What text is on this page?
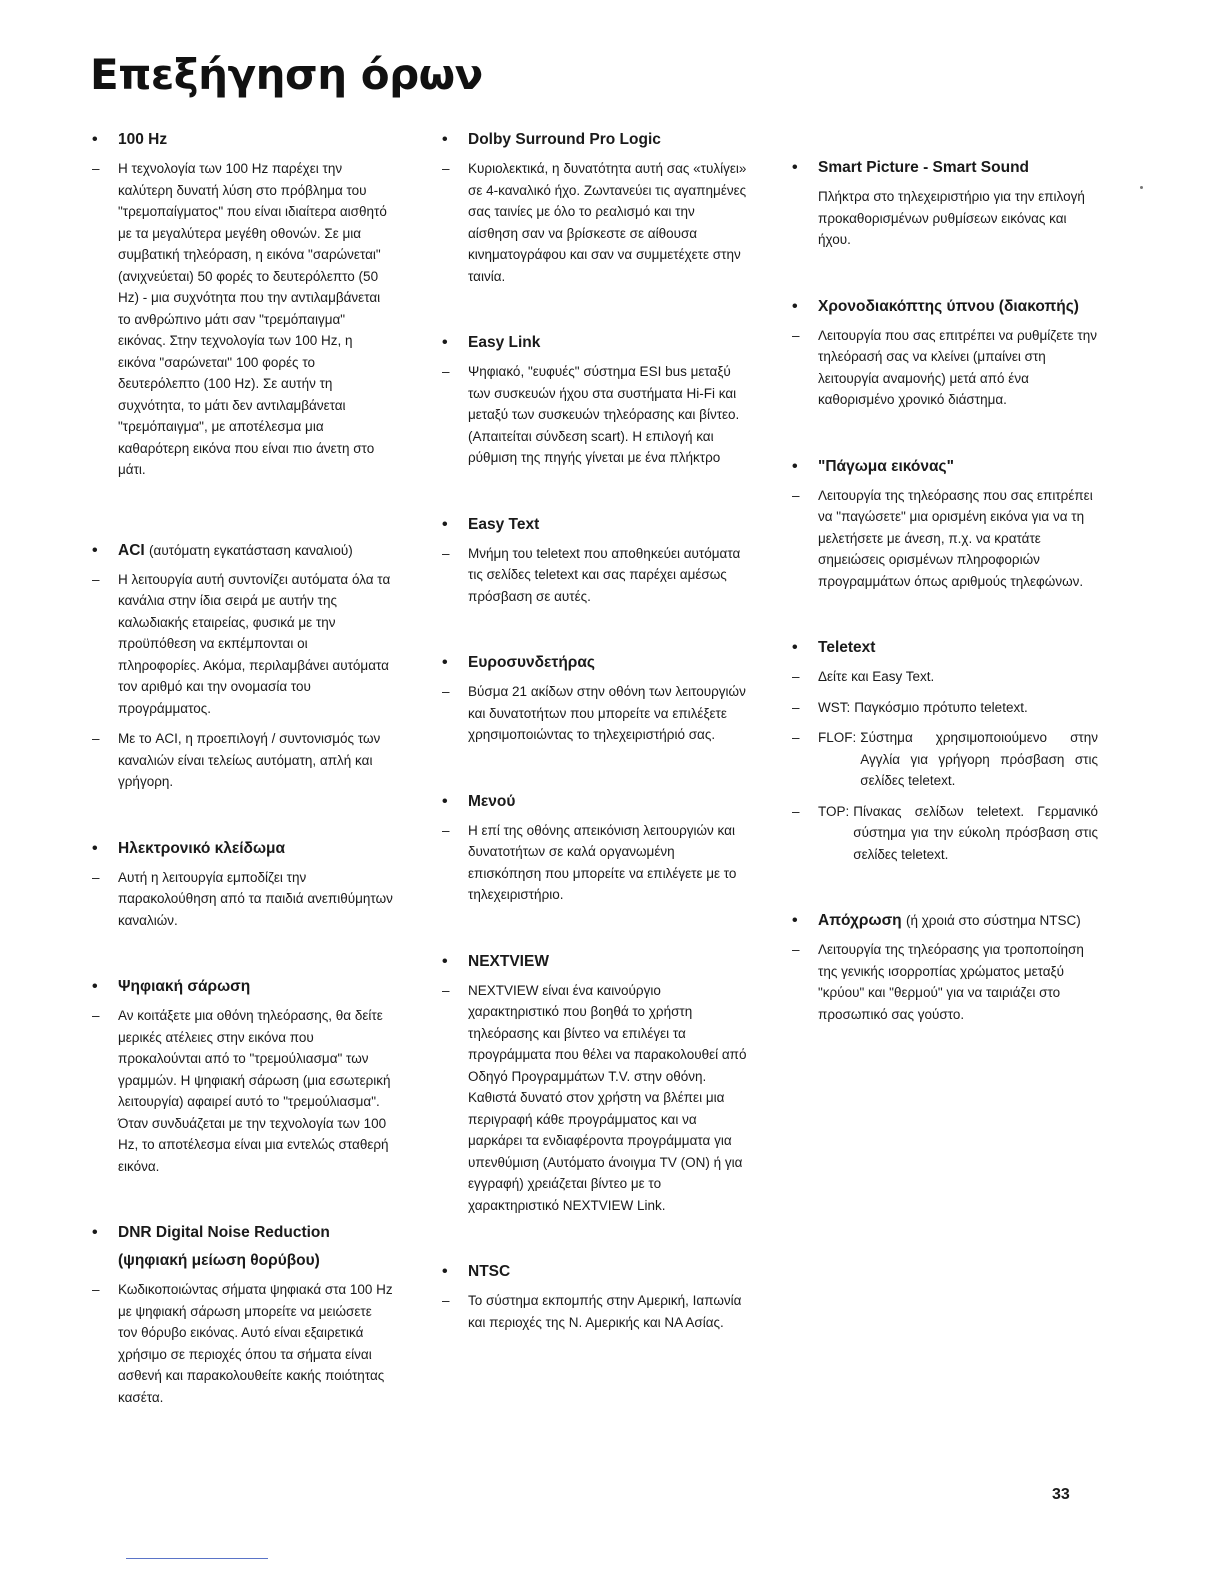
Επεξήγηση όρων
• 100 Hz
– Η τεχνολογία των 100 Hz παρέχει την καλύτερη δυνατή λύση στο πρόβλημα του "τρεμοπαίγματος" που είναι ιδιαίτερα αισθητό με τα μεγαλύτερα μεγέθη οθονών. Σε μια συμβατική τηλεόραση, η εικόνα "σαρώνεται" (ανιχνεύεται) 50 φορές το δευτερόλεπτο (50 Hz) - μια συχνότητα που την αντιλαμβάνεται το ανθρώπινο μάτι σαν "τρεμόπαιγμα" εικόνας. Στην τεχνολογία των 100 Hz, η εικόνα "σαρώνεται" 100 φορές το δευτερόλεπτο (100 Hz). Σε αυτήν τη συχνότητα, το μάτι δεν αντιλαμβάνεται "τρεμόπαιγμα", με αποτέλεσμα μια καθαρότερη εικόνα που είναι πιο άνετη στο μάτι.
• ACI (αυτόματη εγκατάσταση καναλιού)
– Η λειτουργία αυτή συντονίζει αυτόματα όλα τα κανάλια στην ίδια σειρά με αυτήν της καλωδιακής εταιρείας, φυσικά με την προϋπόθεση να εκπέμπονται οι πληροφορίες. Ακόμα, περιλαμβάνει αυτόματα τον αριθμό και την ονομασία του προγράμματος.
– Με το ACI, η προεπιλογή / συντονισμός των καναλιών είναι τελείως αυτόματη, απλή και γρήγορη.
• Ηλεκτρονικό κλείδωμα
– Αυτή η λειτουργία εμποδίζει την παρακολούθηση από τα παιδιά ανεπιθύμητων καναλιών.
• Ψηφιακή σάρωση
– Αν κοιτάξετε μια οθόνη τηλεόρασης, θα δείτε μερικές ατέλειες στην εικόνα που προκαλούνται από το "τρεμούλιασμα" των γραμμών. Η ψηφιακή σάρωση (μια εσωτερική λειτουργία) αφαιρεί αυτό το "τρεμούλιασμα". Όταν συνδυάζεται με την τεχνολογία των 100 Hz, το αποτέλεσμα είναι μια εντελώς σταθερή εικόνα.
• DNR Digital Noise Reduction
(ψηφιακή μείωση θορύβου)
– Κωδικοποιώντας σήματα ψηφιακά στα 100 Hz με ψηφιακή σάρωση μπορείτε να μειώσετε τον θόρυβο εικόνας. Αυτό είναι εξαιρετικά χρήσιμο σε περιοχές όπου τα σήματα είναι ασθενή και παρακολουθείτε κακής ποιότητας κασέτα.
• Dolby Surround Pro Logic
– Κυριολεκτικά, η δυνατότητα αυτή σας «τυλίγει» σε 4-καναλικό ήχο. Ζωντανεύει τις αγαπημένες σας ταινίες με όλο το ρεαλισμό και την αίσθηση σαν να βρίσκεστε σε αίθουσα κινηματογράφου και σαν να συμμετέχετε στην ταινία.
• Easy Link
– Ψηφιακό, "ευφυές" σύστημα ESI bus μεταξύ των συσκευών ήχου στα συστήματα Hi-Fi και μεταξύ των συσκευών τηλεόρασης και βίντεο. (Απαιτείται σύνδεση scart). Η επιλογή και ρύθμιση της πηγής γίνεται με ένα πλήκτρο
• Easy Text
– Μνήμη του teletext που αποθηκεύει αυτόματα τις σελίδες teletext και σας παρέχει αμέσως πρόσβαση σε αυτές.
• Ευροσυνδετήρας
– Βύσμα 21 ακίδων στην οθόνη των λειτουργιών και δυνατοτήτων που μπορείτε να επιλέξετε χρησιμοποιώντας το τηλεχειριστήριό σας.
• Μενού
– Η επί της οθόνης απεικόνιση λειτουργιών και δυνατοτήτων σε καλά οργανωμένη επισκόπηση που μπορείτε να επιλέγετε με το τηλεχειριστήριο.
• NEXTVIEW
– NEXTVIEW είναι ένα καινούργιο χαρακτηριστικό που βοηθά το χρήστη τηλεόρασης και βίντεο να επιλέγει τα προγράμματα που θέλει να παρακολουθεί από Οδηγό Προγραμμάτων T.V. στην οθόνη. Καθιστά δυνατό στον χρήστη να βλέπει μια περιγραφή κάθε προγράμματος και να μαρκάρει τα ενδιαφέροντα προγράμματα για υπενθύμιση (Αυτόματο άνοιγμα TV (ON) ή για εγγραφή) χρειάζεται βίντεο με το χαρακτηριστικό NEXTVIEW Link.
• NTSC
– Το σύστημα εκπομπής στην Αμερική, Ιαπωνία και περιοχές της Ν. Αμερικής και ΝΑ Ασίας.
• Smart Picture - Smart Sound
Πλήκτρα στο τηλεχειριστήριο για την επιλογή προκαθορισμένων ρυθμίσεων εικόνας και ήχου.
• Χρονοδιακόπτης ύπνου (διακοπής)
– Λειτουργία που σας επιτρέπει να ρυθμίζετε την τηλεόρασή σας να κλείνει (μπαίνει στη λειτουργία αναμονής) μετά από ένα καθορισμένο χρονικό διάστημα.
• "Πάγωμα εικόνας"
– Λειτουργία της τηλεόρασης που σας επιτρέπει να "παγώσετε" μια ορισμένη εικόνα για να τη μελετήσετε με άνεση, π.χ. να κρατάτε σημειώσεις ορισμένων πληροφοριών προγραμμάτων όπως αριθμούς τηλεφώνων.
• Teletext
– Δείτε και Easy Text.
– WST: Παγκόσμιο πρότυπο teletext.
– FLOF: Σύστημα χρησιμοποιούμενο στην Αγγλία για γρήγορη πρόσβαση στις σελίδες teletext.
– TOP: Πίνακας σελίδων teletext. Γερμανικό σύστημα για την εύκολη πρόσβαση στις σελίδες teletext.
• Απόχρωση (ή χροιά στο σύστημα NTSC)
– Λειτουργία της τηλεόρασης για τροποποίηση της γενικής ισορροπίας χρώματος μεταξύ "κρύου" και "θερμού" για να ταιριάζει στο προσωπικό σας γούστο.
33
